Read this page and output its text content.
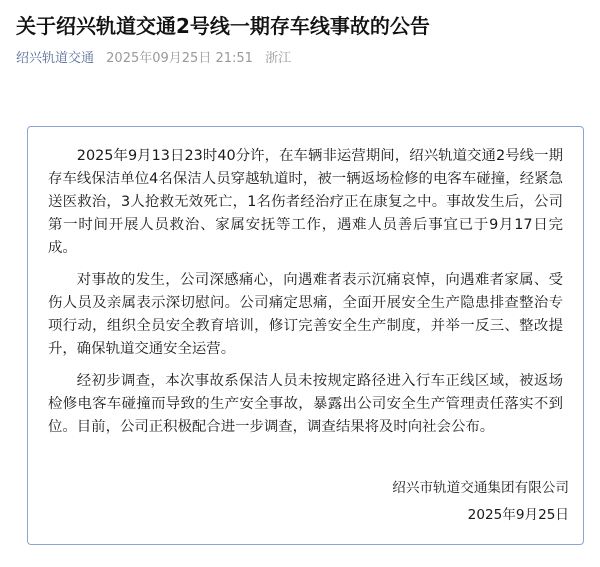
关于绍兴轨道交通2号线一期存车线事故的公告
绍兴轨道交通 2025年09月25日 21:51 浙江

2025年9月13日23时40分许，在车辆非运营期间，绍兴轨道交通2号线一期存车线保洁单位4名保洁人员穿越轨道时，被一辆返场检修的电客车碰撞，经紧急送医救治，3人抢救无效死亡，1名伤者经治疗正在康复之中。事故发生后，公司第一时间开展人员救治、家属安抚等工作，遇难人员善后事宜已于9月17日完成。

对事故的发生，公司深感痛心，向遇难者表示沉痛哀悼，向遇难者家属、受伤人员及亲属表示深切慰问。公司痛定思痛，全面开展安全生产隐患排查整治专项行动，组织全员安全教育培训，修订完善安全生产制度，并举一反三、整改提升，确保轨道交通安全运营。

经初步调查，本次事故系保洁人员未按规定路径进入行车正线区域，被返场检修电客车碰撞而导致的生产安全事故，暴露出公司安全生产管理责任落实不到位。目前，公司正积极配合进一步调查，调查结果将及时向社会公布。

绍兴市轨道交通集团有限公司
2025年9月25日
